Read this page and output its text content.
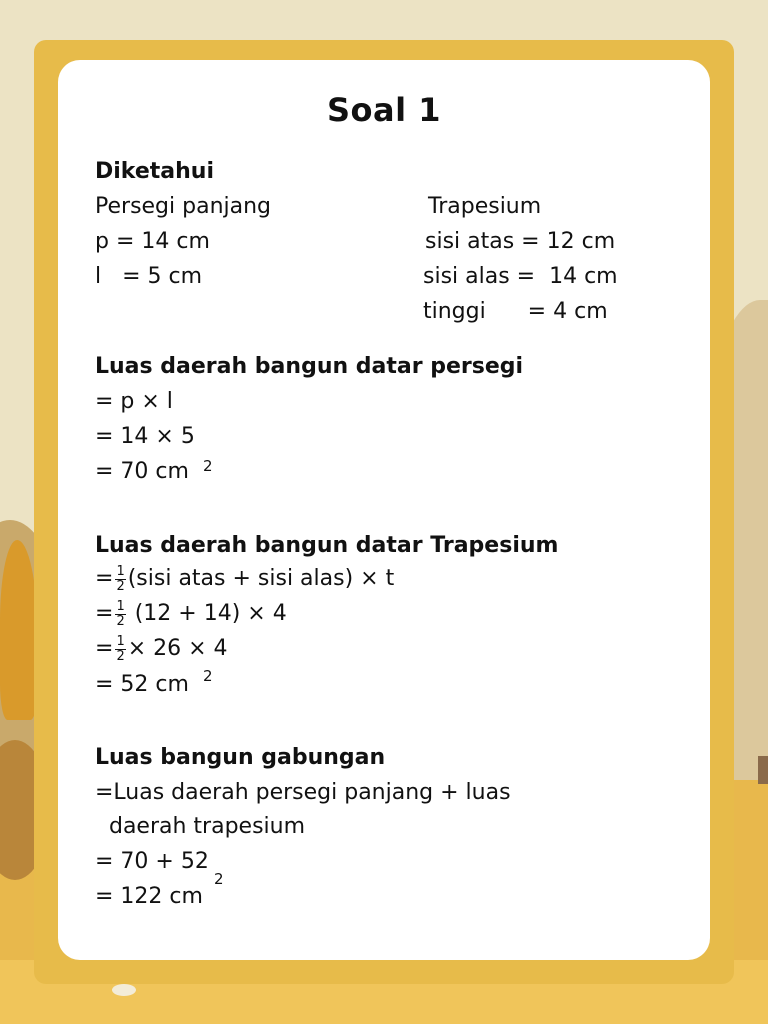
Soal 1
Diketahui
Persegi panjang
p = 14 cm
l   = 5 cm
Trapesium
sisi atas = 12 cm
sisi alas =  14 cm
tinggi      = 4 cm
Luas daerah bangun datar persegi
= p × l
= 14 × 5
= 70 cm 2
Luas daerah bangun datar Trapesium
= $\frac{1}{2}$ (sisi atas + sisi alas) × t
= $\frac{1}{2} (12 + 14) \times 4$
= $\frac{1}{2} \times 26 \times 4$
= 52 cm 2
Luas bangun gabungan
=Luas daerah persegi panjang + luas
daerah trapesium
= 70 + 52
= 122 cm
2
